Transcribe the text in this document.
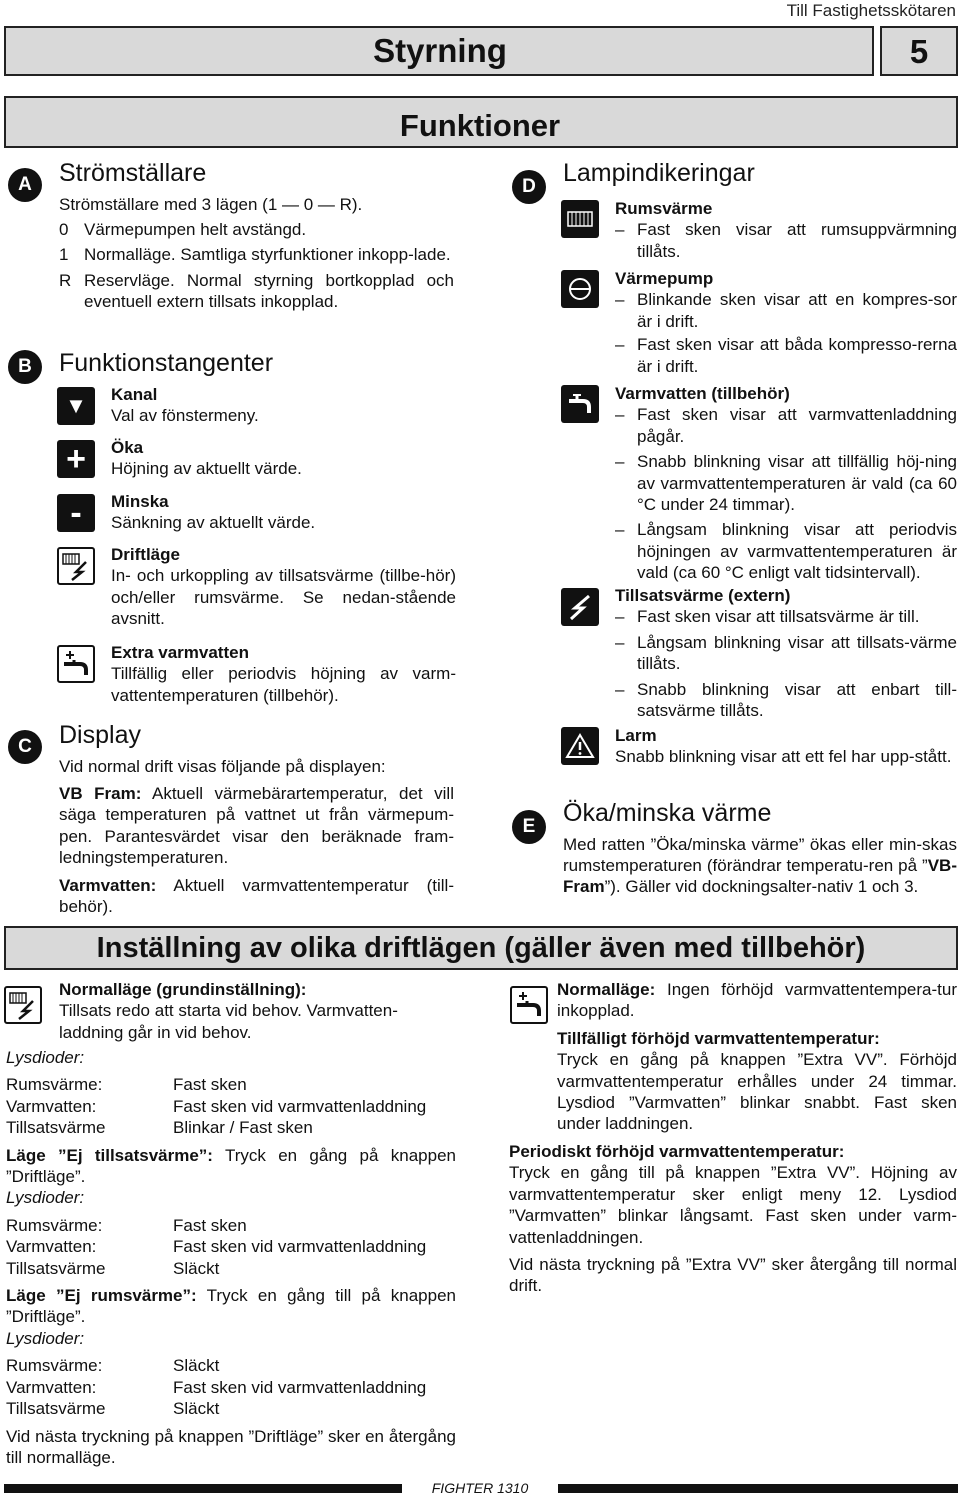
Till Fastighetsskötaren
Styrning	5
Funktioner
A	Strömställare
Strömställare med 3 lägen (1 — 0 — R).
0 Värmepumpen helt avstängd.
1 Normalläge. Samtliga styrfunktioner inkopp-lade.
R Reservläge. Normal styrning bortkopplad och eventuell extern tillsats inkopplad.
B	Funktionstangenter
▼	Kanal
Val av fönstermeny.
+	Öka
Höjning av aktuellt värde.
-	Minska
Sänkning av aktuellt värde.
Driftläge
In- och urkoppling av tillsatsvärme (tillbe-hör) och/eller rumsvärme. Se nedan-stående avsnitt.
Extra varmvatten
Tillfällig eller periodvis höjning av varm-vattentemperaturen (tillbehör).
C	Display
Vid normal drift visas följande på displayen:
VB Fram: Aktuell värmebärartemperatur, det vill säga temperaturen på vattnet ut från värmepum-pen. Parantesvärdet visar den beräknade fram-ledningstemperaturen.
Varmvatten: Aktuell varmvattentemperatur (till-behör).
D	Lampindikeringar
Rumsvärme
– Fast sken visar att rumsuppvärmning tillåts.
Värmepump
– Blinkande sken visar att en kompres-sor är i drift.
– Fast sken visar att båda kompresso-rerna är i drift.
Varmvatten (tillbehör)
– Fast sken visar att varmvattenladdning pågår.
– Snabb blinkning visar att tillfällig höj-ning av varmvattentemperaturen är vald (ca 60 °C under 24 timmar).
– Långsam blinkning visar att periodvis höjningen av varmvattentemperaturen är vald (ca 60 °C enligt valt tidsintervall).
Tillsatsvärme (extern)
– Fast sken visar att tillsatsvärme är till.
– Långsam blinkning visar att tillsats-värme tillåts.
– Snabb blinkning visar att enbart till-satsvärme tillåts.
Larm
Snabb blinkning visar att ett fel har upp-stått.
E	Öka/minska värme
Med ratten ”Öka/minska värme” ökas eller min-skas rumstemperaturen (förändrar temperatu-ren på ”VB-Fram”). Gäller vid dockningsalter-nativ 1 och 3.
Inställning av olika driftlägen (gäller även med tillbehör)
Normalläge (grundinställning):
Tillsats redo att starta vid behov. Varmvatten-laddning går in vid behov.
Lysdioder:
Rumsvärme:	Fast sken
Varmvatten:	Fast sken vid varmvattenladdning
Tillsatsvärme	Blinkar / Fast sken
Läge ”Ej tillsatsvärme”: Tryck en gång på knappen ”Driftläge”.
Lysdioder:
Rumsvärme:	Fast sken
Varmvatten:	Fast sken vid varmvattenladdning
Tillsatsvärme	Släckt
Läge ”Ej rumsvärme”: Tryck en gång till på knappen ”Driftläge”.
Lysdioder:
Rumsvärme:	Släckt
Varmvatten:	Fast sken vid varmvattenladdning
Tillsatsvärme	Släckt
Vid nästa tryckning på knappen ”Driftläge” sker en återgång till normalläge.
Normalläge: Ingen förhöjd varmvattentempera-tur inkopplad.
Tillfälligt förhöjd varmvattentemperatur:
Tryck en gång på knappen ”Extra VV”. Förhöjd varmvattentemperatur erhålles under 24 timmar. Lysdiod ”Varmvatten” blinkar snabbt. Fast sken under laddningen.
Periodiskt förhöjd varmvattentemperatur:
Tryck en gång till på knappen ”Extra VV”. Höjning av varmvattentemperatur sker enligt meny 12. Lysdiod ”Varmvatten” blinkar långsamt. Fast sken under varm-vattenladdningen.
Vid nästa tryckning på ”Extra VV” sker återgång till normal drift.
FIGHTER 1310
